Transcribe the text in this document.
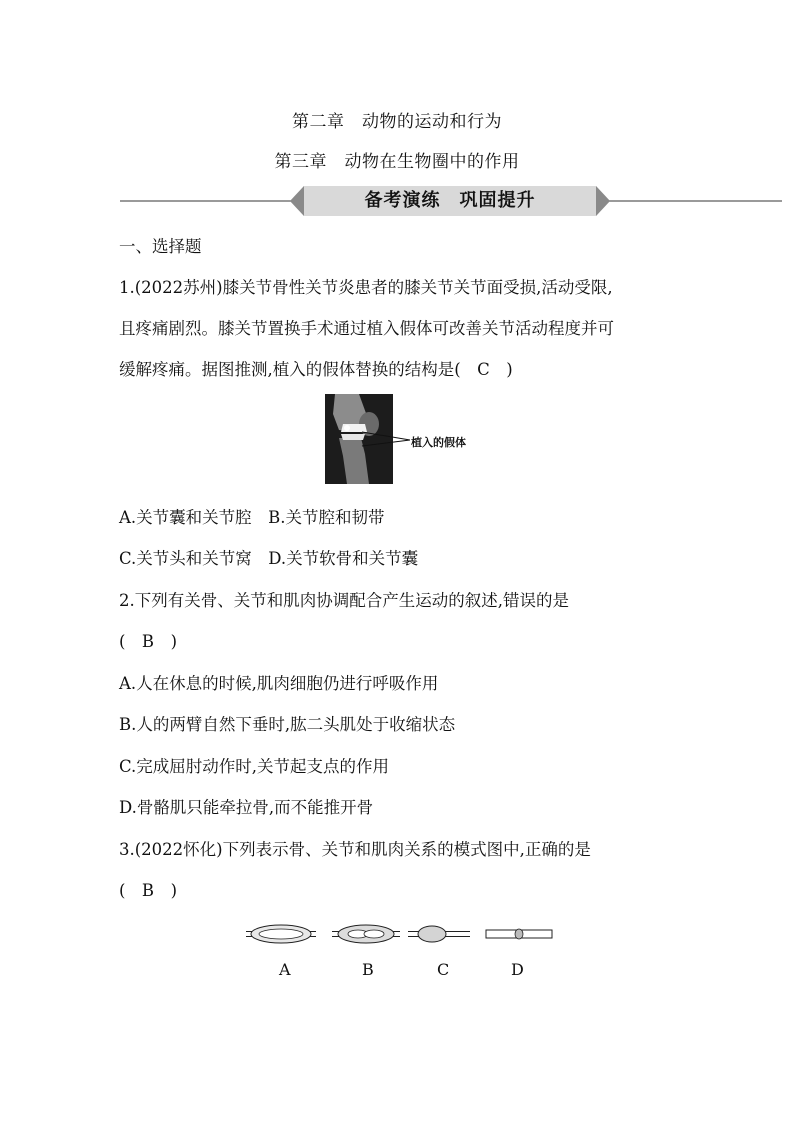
第二章　动物的运动和行为
第三章　动物在生物圈中的作用
备考演练　巩固提升
一、选择题
1.(2022苏州)膝关节骨性关节炎患者的膝关节关节面受损,活动受限,
且疼痛剧烈。膝关节置换手术通过植入假体可改善关节活动程度并可
缓解疼痛。据图推测,植入的假体替换的结构是(　C　)
植入的假体
A.关节囊和关节腔　B.关节腔和韧带
C.关节头和关节窝　D.关节软骨和关节囊
2.下列有关骨、关节和肌肉协调配合产生运动的叙述,错误的是
(　B　)
A.人在休息的时候,肌肉细胞仍进行呼吸作用
B.人的两臂自然下垂时,肱二头肌处于收缩状态
C.完成屈肘动作时,关节起支点的作用
D.骨骼肌只能牵拉骨,而不能推开骨
3.(2022怀化)下列表示骨、关节和肌肉关系的模式图中,正确的是
(　B　)
A	B	C	D
